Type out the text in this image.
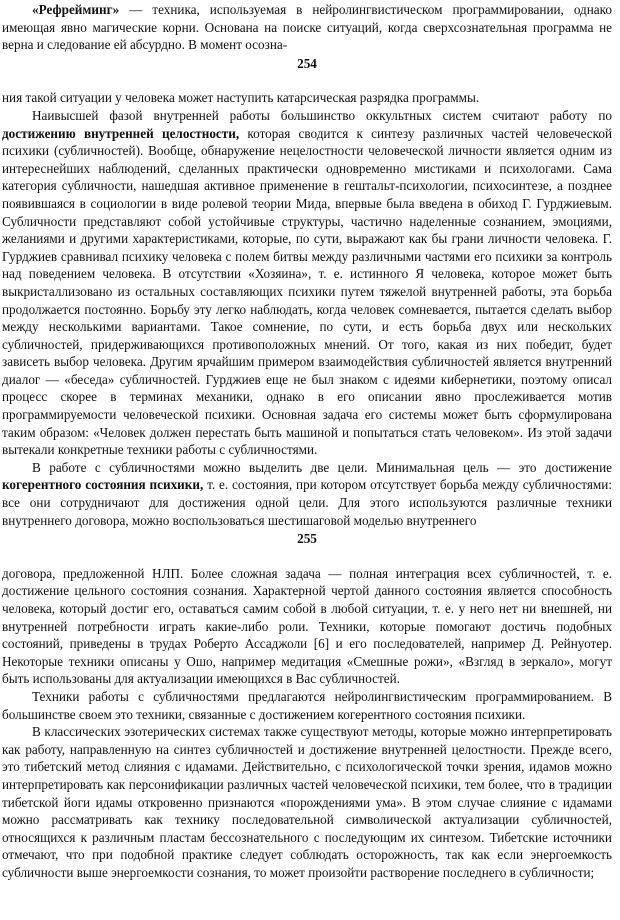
«Рефрейминг» — техника, используемая в нейролингвистическом программировании, однако имеющая явно магические корни. Основана на поиске ситуаций, когда сверхсознательная программа не верна и следование ей абсурдно. В момент осозна-

254

ния такой ситуации у человека может наступить катарсическая разрядка программы.

Наивысшей фазой внутренней работы большинство оккультных систем считают работу по достижению внутренней целостности, которая сводится к синтезу различных частей человеческой психики (субличностей). Вообще, обнаружение нецелостности человеческой личности является одним из интереснейших наблюдений, сделанных практически одновременно мистиками и психологами. Сама категория субличности, нашедшая активное применение в гештальт-психологии, психосинтезе, а позднее появившаяся в социологии в виде ролевой теории Мида, впервые была введена в обиход Г. Гурджиевым. Субличности представляют собой устойчивые структуры, частично наделенные сознанием, эмоциями, желаниями и другими характеристиками, которые, по сути, выражают как бы грани личности человека. Г. Гурджиев сравнивал психику человека с полем битвы между различными частями его психики за контроль над поведением человека. В отсутствии «Хозяина», т. е. истинного Я человека, которое может быть выкристаллизовано из остальных составляющих психики путем тяжелой внутренней работы, эта борьба продолжается постоянно. Борьбу эту легко наблюдать, когда человек сомневается, пытается сделать выбор между несколькими вариантами. Такое сомнение, по сути, и есть борьба двух или нескольких субличностей, придерживающихся противоположных мнений. От того, какая из них победит, будет зависеть выбор человека. Другим ярчайшим примером взаимодействия субличностей является внутренний диалог — «беседа» субличностей. Гурджиев еще не был знаком с идеями кибернетики, поэтому описал процесс скорее в терминах механики, однако в его описании явно прослеживается мотив программируемости человеческой психики. Основная задача его системы может быть сформулирована таким образом: «Человек должен перестать быть машиной и попытаться стать человеком». Из этой задачи вытекали конкретные техники работы с субличностями.

В работе с субличностями можно выделить две цели. Минимальная цель — это достижение когерентного состояния психики, т. е. состояния, при котором отсутствует борьба между субличностями: все они сотрудничают для достижения одной цели. Для этого используются различные техники внутреннего договора, можно воспользоваться шестишаговой моделью внутреннего

255

договора, предложенной НЛП. Более сложная задача — полная интеграция всех субличностей, т. е. достижение цельного состояния сознания. Характерной чертой данного состояния является способность человека, который достиг его, оставаться самим собой в любой ситуации, т. е. у него нет ни внешней, ни внутренней потребности играть какие-либо роли. Техники, которые помогают достичь подобных состояний, приведены в трудах Роберто Ассаджоли [6] и его последователей, например Д. Рейнуотер. Некоторые техники описаны у Ошо, например медитация «Смешные рожи», «Взгляд в зеркало», могут быть использованы для актуализации имеющихся в Вас субличностей.

Техники работы с субличностями предлагаются нейролингвистическим программированием. В большинстве своем это техники, связанные с достижением когерентного состояния психики.

В классических эзотерических системах также существуют методы, которые можно интерпретировать как работу, направленную на синтез субличностей и достижение внутренней целостности. Прежде всего, это тибетский метод слияния с идамами. Действительно, с психологической точки зрения, идамов можно интерпретировать как персонификации различных частей человеческой психики, тем более, что в традиции тибетской йоги идамы откровенно признаются «порождениями ума». В этом случае слияние с идамами можно рассматривать как технику последовательной символической актуализации субличностей, относящихся к различным пластам бессознательного с последующим их синтезом. Тибетские источники отмечают, что при подобной практике следует соблюдать осторожность, так как если энергоемкость субличности выше энергоемкости сознания, то может произойти растворение последнего в субличности;
